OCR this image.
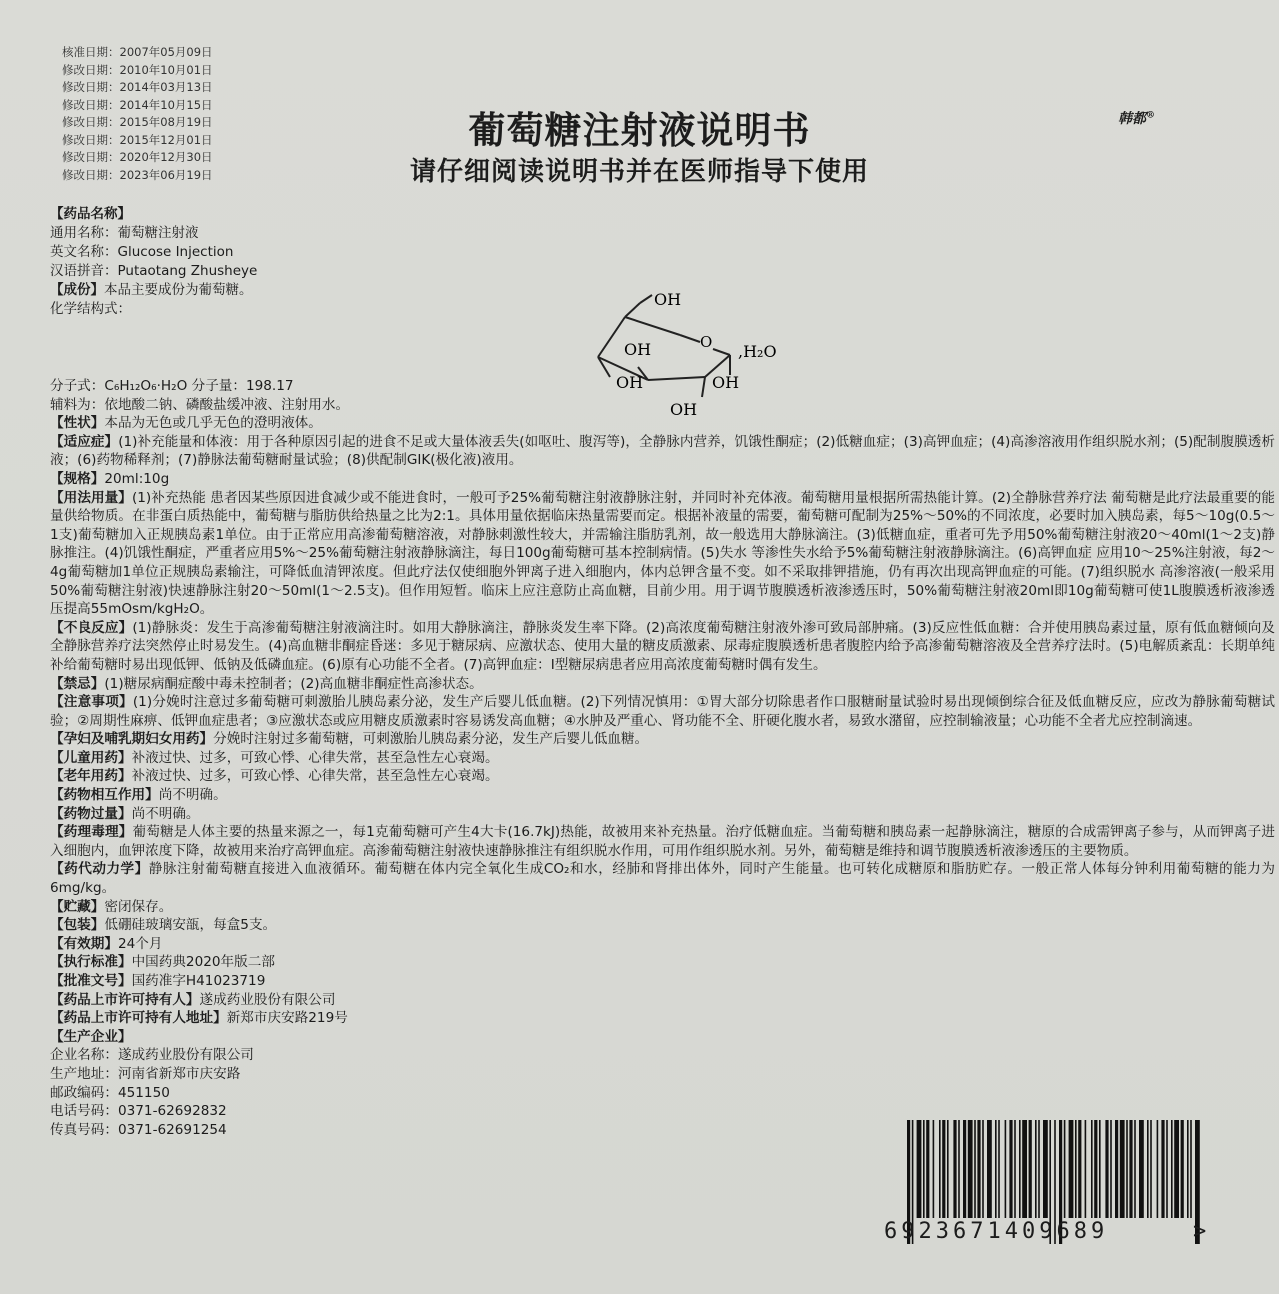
核准日期：2007年05月09日
修改日期：2010年10月01日
修改日期：2014年03月13日
修改日期：2014年10月15日
修改日期：2015年08月19日
修改日期：2015年12月01日
修改日期：2020年12月30日
修改日期：2023年06月19日
葡萄糖注射液说明书
请仔细阅读说明书并在医师指导下使用
韩都®
【药品名称】
通用名称：葡萄糖注射液
英文名称：Glucose Injection
汉语拼音：Putaotang Zhusheye
【成份】本品主要成份为葡萄糖。
化学结构式：	OH
O
OH
OH
OH
OH
,H₂O

分子式：C₆H₁₂O₆·H₂O 分子量：198.17

辅料为：依地酸二钠、磷酸盐缓冲液、注射用水。

【性状】本品为无色或几乎无色的澄明液体。

【适应症】(1)补充能量和体液：用于各种原因引起的进食不足或大量体液丢失(如呕吐、腹泻等)，全静脉内营养，饥饿性酮症；(2)低糖血症；(3)高钾血症；(4)高渗溶液用作组织脱水剂；(5)配制腹膜透析液；(6)药物稀释剂；(7)静脉法葡萄糖耐量试验；(8)供配制GIK(极化液)液用。

【规格】20ml:10g

【用法用量】(1)补充热能 患者因某些原因进食减少或不能进食时，一般可予25%葡萄糖注射液静脉注射，并同时补充体液。葡萄糖用量根据所需热能计算。(2)全静脉营养疗法 葡萄糖是此疗法最重要的能量供给物质。在非蛋白质热能中，葡萄糖与脂肪供给热量之比为2:1。具体用量依据临床热量需要而定。根据补液量的需要，葡萄糖可配制为25%～50%的不同浓度，必要时加入胰岛素，每5～10g(0.5～1支)葡萄糖加入正规胰岛素1单位。由于正常应用高渗葡萄糖溶液，对静脉刺激性较大，并需输注脂肪乳剂，故一般选用大静脉滴注。(3)低糖血症，重者可先予用50%葡萄糖注射液20～40ml(1～2支)静脉推注。(4)饥饿性酮症，严重者应用5%～25%葡萄糖注射液静脉滴注，每日100g葡萄糖可基本控制病情。(5)失水 等渗性失水给予5%葡萄糖注射液静脉滴注。(6)高钾血症 应用10～25%注射液，每2～4g葡萄糖加1单位正规胰岛素输注，可降低血清钾浓度。但此疗法仅使细胞外钾离子进入细胞内，体内总钾含量不变。如不采取排钾措施，仍有再次出现高钾血症的可能。(7)组织脱水 高渗溶液(一般采用50%葡萄糖注射液)快速静脉注射20～50ml(1～2.5支)。但作用短暂。临床上应注意防止高血糖，目前少用。用于调节腹膜透析液渗透压时，50%葡萄糖注射液20ml即10g葡萄糖可使1L腹膜透析液渗透压提高55mOsm/kgH₂O。

【不良反应】(1)静脉炎：发生于高渗葡萄糖注射液滴注时。如用大静脉滴注，静脉炎发生率下降。(2)高浓度葡萄糖注射液外渗可致局部肿痛。(3)反应性低血糖：合并使用胰岛素过量，原有低血糖倾向及全静脉营养疗法突然停止时易发生。(4)高血糖非酮症昏迷：多见于糖尿病、应激状态、使用大量的糖皮质激素、尿毒症腹膜透析患者腹腔内给予高渗葡萄糖溶液及全营养疗法时。(5)电解质紊乱：长期单纯补给葡萄糖时易出现低钾、低钠及低磷血症。(6)原有心功能不全者。(7)高钾血症：I型糖尿病患者应用高浓度葡萄糖时偶有发生。

【禁忌】(1)糖尿病酮症酸中毒未控制者；(2)高血糖非酮症性高渗状态。

【注意事项】(1)分娩时注意过多葡萄糖可刺激胎儿胰岛素分泌，发生产后婴儿低血糖。(2)下列情况慎用：①胃大部分切除患者作口服糖耐量试验时易出现倾倒综合征及低血糖反应，应改为静脉葡萄糖试验；②周期性麻痹、低钾血症患者；③应激状态或应用糖皮质激素时容易诱发高血糖；④水肿及严重心、肾功能不全、肝硬化腹水者，易致水潴留，应控制输液量；心功能不全者尤应控制滴速。

【孕妇及哺乳期妇女用药】分娩时注射过多葡萄糖，可刺激胎儿胰岛素分泌，发生产后婴儿低血糖。

【儿童用药】补液过快、过多，可致心悸、心律失常，甚至急性左心衰竭。

【老年用药】补液过快、过多，可致心悸、心律失常，甚至急性左心衰竭。

【药物相互作用】尚不明确。

【药物过量】尚不明确。

【药理毒理】葡萄糖是人体主要的热量来源之一，每1克葡萄糖可产生4大卡(16.7kJ)热能，故被用来补充热量。治疗低糖血症。当葡萄糖和胰岛素一起静脉滴注，糖原的合成需钾离子参与，从而钾离子进入细胞内，血钾浓度下降，故被用来治疗高钾血症。高渗葡萄糖注射液快速静脉推注有组织脱水作用，可用作组织脱水剂。另外，葡萄糖是维持和调节腹膜透析液渗透压的主要物质。

【药代动力学】静脉注射葡萄糖直接进入血液循环。葡萄糖在体内完全氧化生成CO₂和水，经肺和肾排出体外，同时产生能量。也可转化成糖原和脂肪贮存。一般正常人体每分钟利用葡萄糖的能力为6mg/kg。

【贮藏】密闭保存。

【包装】低硼硅玻璃安瓿，每盒5支。

【有效期】24个月

【执行标准】中国药典2020年版二部

【批准文号】国药准字H41023719

【药品上市许可持有人】遂成药业股份有限公司

【药品上市许可持有人地址】新郑市庆安路219号

【生产企业】

企业名称：遂成药业股份有限公司
生产地址：河南省新郑市庆安路
邮政编码：451150
电话号码：0371-62692832
传真号码：0371-62691254
6923671409689	>
